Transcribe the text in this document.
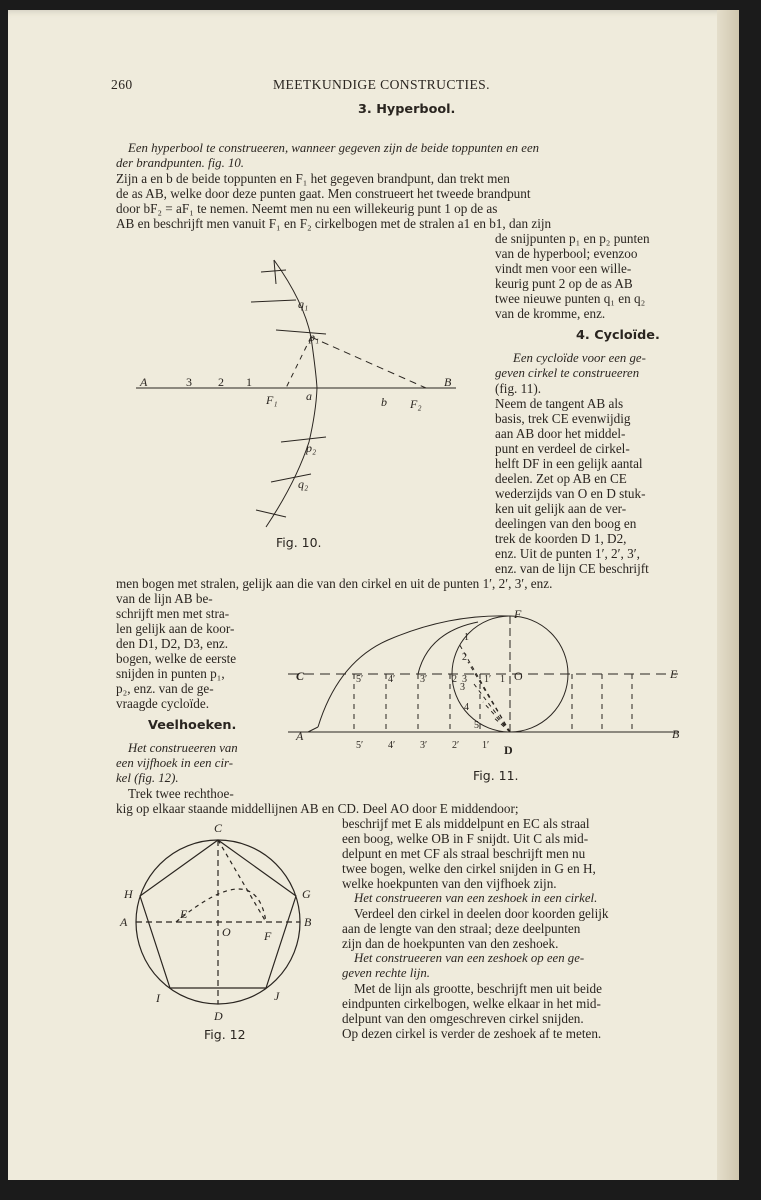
260	MEETKUNDIGE CONSTRUCTIES.
3. Hyperbool.
Een hyperbool te construeeren, wanneer gegeven zijn de beide toppunten en een
der brandpunten. fig. 10.
Zijn a en b de beide toppunten en F₁ het gegeven brandpunt, dan trekt men
de as AB, welke door deze punten gaat. Men construeert het tweede brandpunt
door bF₂ = aF₁ te nemen. Neemt men nu een willekeurig punt 1 op de as
AB en beschrijft men vanuit F₁ en F₂ cirkelbogen met de stralen a1 en b1, dan zijn
de snijpunten p₁ en p₂ punten
van de hyperbool; evenzoo
vindt men voor een wille-
keurig punt 2 op de as AB
twee nieuwe punten q₁ en q₂
van de kromme, enz.
A	3 2 1	B
F₁ a	b F₂
q₁
p₁
p₂
q₂
Fig. 10.
4. Cycloïde.
Een cycloïde voor een ge-
geven cirkel te construeeren
(fig. 11).
Neem de tangent AB als
basis, trek CE evenwijdig
aan AB door het middel-
punt en verdeel de cirkel-
helft DF in een gelijk aantal
deelen. Zet op AB en CE
wederzijds van O en D stuk-
ken uit gelijk aan de ver-
deelingen van den boog en
trek de koorden D 1, D2,
enz. Uit de punten 1′, 2′, 3′,
enz. van de lijn CE beschrijft
men bogen met stralen, gelijk aan die van den cirkel en uit de punten 1′, 2′, 3′, enz.
van de lijn AB be-
schrijft men met stra-
len gelijk aan de koor-
den D1, D2, D3, enz.
bogen, welke de eerste
snijden in punten p₁,
p₂, enz. van de ge-
vraagde cycloïde.
F
C	E
O
A	B
D
5′ 4′ 3′ 2 3 1′ 1
5′ 4′ 3′ 2′ 1′
1
2
3
4
5
Fig. 11.
Veelhoeken.
Het construeeren van
een vijfhoek in een cir-
kel (fig. 12).
Trek twee rechthoe-
kig op elkaar staande middellijnen AB en CD. Deel AO door E middendoor;
beschrijf met E als middelpunt en EC als straal
een boog, welke OB in F snijdt. Uit C als mid-
delpunt en met CF als straal beschrijft men nu
twee bogen, welke den cirkel snijden in G en H,
welke hoekpunten van den vijfhoek zijn.
Het construeeren van een zeshoek in een cirkel.
Verdeel den cirkel in deelen door koorden gelijk
aan de lengte van den straal; deze deelpunten
zijn dan de hoekpunten van den zeshoek.
Het construeeren van een zeshoek op een ge-
geven rechte lijn.
Met de lijn als grootte, beschrijft men uit beide
eindpunten cirkelbogen, welke elkaar in het mid-
delpunt van den omgeschreven cirkel snijden.
Op dezen cirkel is verder de zeshoek af te meten.
C
H	G
A
E
O	F
B
I	J
D
Fig. 12
